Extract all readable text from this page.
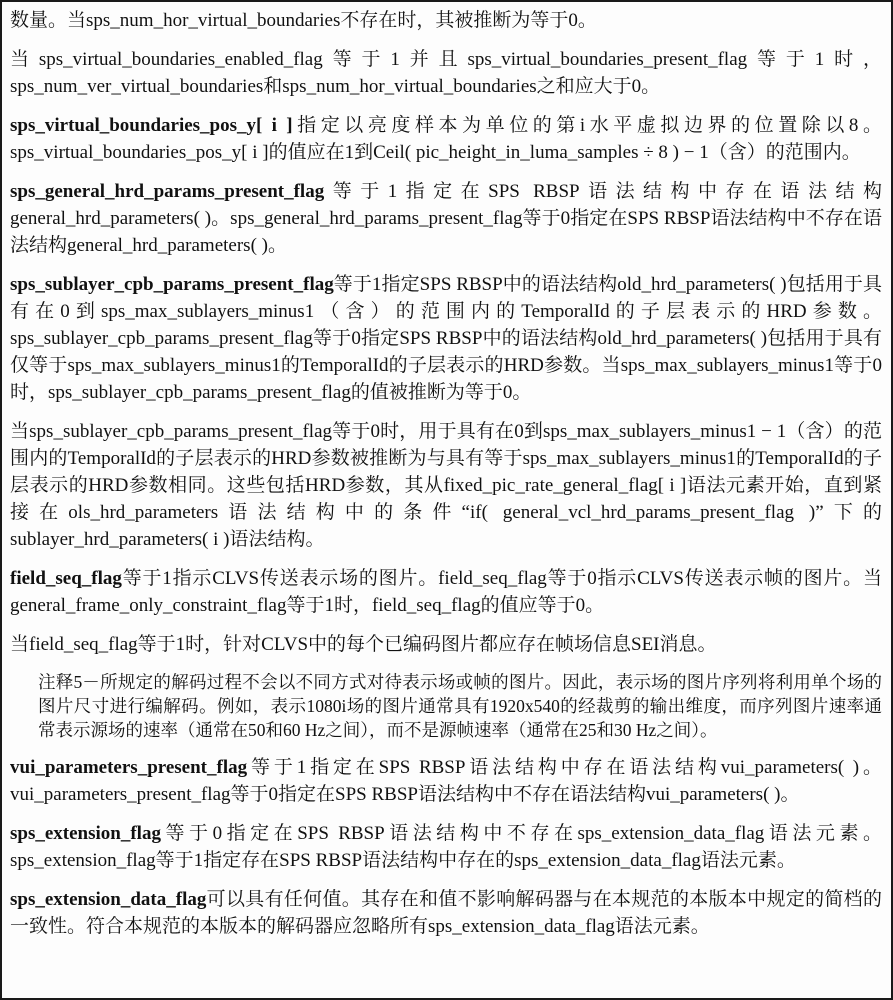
数量。当sps_num_hor_virtual_boundaries不存在时，其被推断为等于0。

当sps_virtual_boundaries_enabled_flag等于1并且sps_virtual_boundaries_present_flag等于1时，sps_num_ver_virtual_boundaries和sps_num_hor_virtual_boundaries之和应大于0。

sps_virtual_boundaries_pos_y[ i ]指定以亮度样本为单位的第i水平虚拟边界的位置除以8。sps_virtual_boundaries_pos_y[ i ]的值应在1到Ceil( pic_height_in_luma_samples ÷ 8 ) − 1（含）的范围内。

sps_general_hrd_params_present_flag等于1指定在SPS RBSP语法结构中存在语法结构general_hrd_parameters( )。sps_general_hrd_params_present_flag等于0指定在SPS RBSP语法结构中不存在语法结构general_hrd_parameters( )。

sps_sublayer_cpb_params_present_flag等于1指定SPS RBSP中的语法结构old_hrd_parameters( )包括用于具有在0到sps_max_sublayers_minus1（含）的范围内的TemporalId的子层表示的HRD参数。sps_sublayer_cpb_params_present_flag等于0指定SPS RBSP中的语法结构old_hrd_parameters( )包括用于具有仅等于sps_max_sublayers_minus1的TemporalId的子层表示的HRD参数。当sps_max_sublayers_minus1等于0时，sps_sublayer_cpb_params_present_flag的值被推断为等于0。

当sps_sublayer_cpb_params_present_flag等于0时，用于具有在0到sps_max_sublayers_minus1 − 1（含）的范围内的TemporalId的子层表示的HRD参数被推断为与具有等于sps_max_sublayers_minus1的TemporalId的子层表示的HRD参数相同。这些包括HRD参数，其从fixed_pic_rate_general_flag[ i ]语法元素开始，直到紧接在ols_hrd_parameters语法结构中的条件“if( general_vcl_hrd_params_present_flag )”下的sublayer_hrd_parameters( i )语法结构。

field_seq_flag等于1指示CLVS传送表示场的图片。field_seq_flag等于0指示CLVS传送表示帧的图片。当general_frame_only_constraint_flag等于1时，field_seq_flag的值应等于0。

当field_seq_flag等于1时，针对CLVS中的每个已编码图片都应存在帧场信息SEI消息。

注释5－所规定的解码过程不会以不同方式对待表示场或帧的图片。因此，表示场的图片序列将利用单个场的图片尺寸进行编解码。例如，表示1080i场的图片通常具有1920x540的经裁剪的输出维度，而序列图片速率通常表示源场的速率（通常在50和60 Hz之间），而不是源帧速率（通常在25和30 Hz之间）。

vui_parameters_present_flag等于1指定在SPS RBSP语法结构中存在语法结构vui_parameters( )。vui_parameters_present_flag等于0指定在SPS RBSP语法结构中不存在语法结构vui_parameters( )。

sps_extension_flag等于0指定在SPS RBSP语法结构中不存在sps_extension_data_flag语法元素。sps_extension_flag等于1指定存在SPS RBSP语法结构中存在的sps_extension_data_flag语法元素。

sps_extension_data_flag可以具有任何值。其存在和值不影响解码器与在本规范的本版本中规定的简档的一致性。符合本规范的本版本的解码器应忽略所有sps_extension_data_flag语法元素。
